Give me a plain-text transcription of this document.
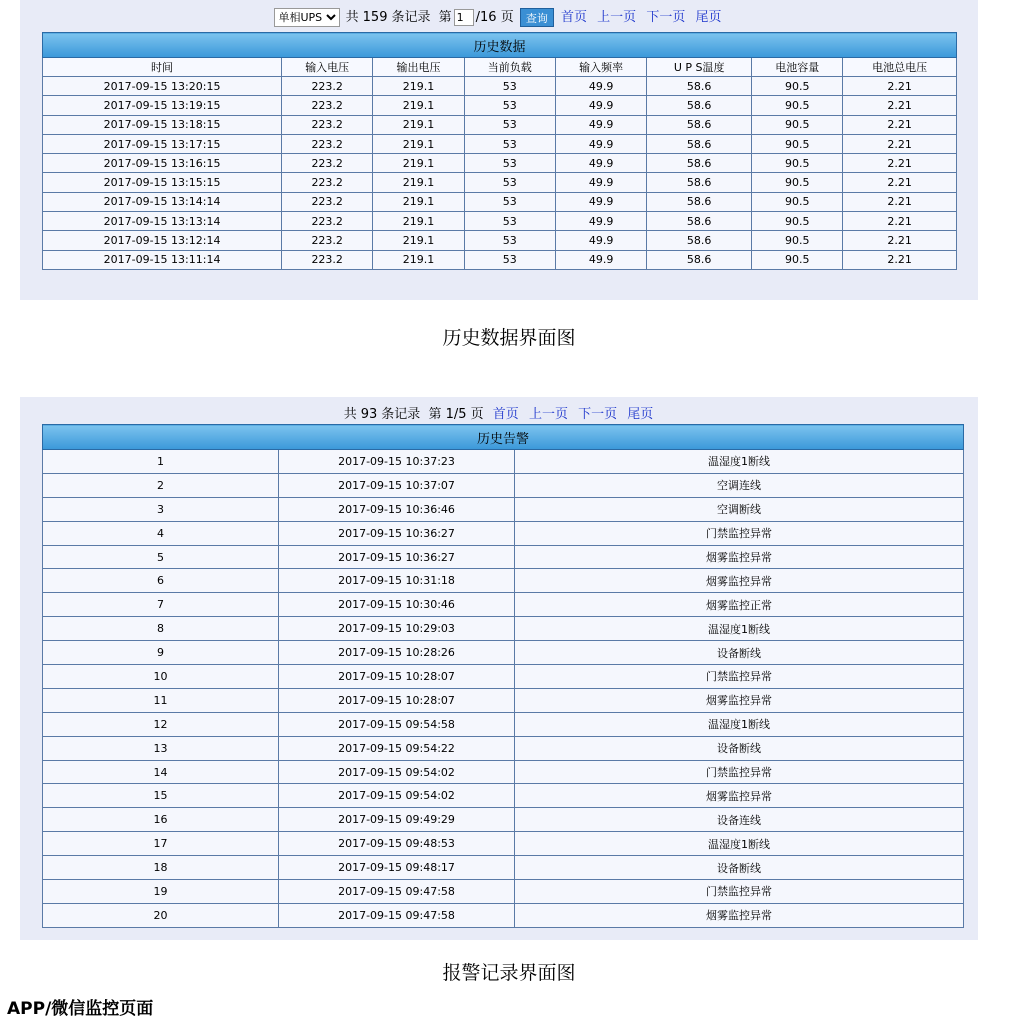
单相UPS 共 159 条记录 第1 /16 页 查询 首页 上一页 下一页 尾页
历史数据							
时间	输入电压	输出电压	当前负载	输入频率	U P S温度	电池容量	电池总电压
2017-09-15 13:20:15	223.2	219.1	53	49.9	58.6	90.5	2.21
2017-09-15 13:19:15	223.2	219.1	53	49.9	58.6	90.5	2.21
2017-09-15 13:18:15	223.2	219.1	53	49.9	58.6	90.5	2.21
2017-09-15 13:17:15	223.2	219.1	53	49.9	58.6	90.5	2.21
2017-09-15 13:16:15	223.2	219.1	53	49.9	58.6	90.5	2.21
2017-09-15 13:15:15	223.2	219.1	53	49.9	58.6	90.5	2.21
2017-09-15 13:14:14	223.2	219.1	53	49.9	58.6	90.5	2.21
2017-09-15 13:13:14	223.2	219.1	53	49.9	58.6	90.5	2.21
2017-09-15 13:12:14	223.2	219.1	53	49.9	58.6	90.5	2.21
2017-09-15 13:11:14	223.2	219.1	53	49.9	58.6	90.5	2.21
历史数据界面图
共 93 条记录 第 1/5 页 首页 上一页 下一页 尾页
历史告警		
1	2017-09-15 10:37:23	温湿度1断线
2	2017-09-15 10:37:07	空调连线
3	2017-09-15 10:36:46	空调断线
4	2017-09-15 10:36:27	门禁监控异常
5	2017-09-15 10:36:27	烟雾监控异常
6	2017-09-15 10:31:18	烟雾监控异常
7	2017-09-15 10:30:46	烟雾监控正常
8	2017-09-15 10:29:03	温湿度1断线
9	2017-09-15 10:28:26	设备断线
10	2017-09-15 10:28:07	门禁监控异常
11	2017-09-15 10:28:07	烟雾监控异常
12	2017-09-15 09:54:58	温湿度1断线
13	2017-09-15 09:54:22	设备断线
14	2017-09-15 09:54:02	门禁监控异常
15	2017-09-15 09:54:02	烟雾监控异常
16	2017-09-15 09:49:29	设备连线
17	2017-09-15 09:48:53	温湿度1断线
18	2017-09-15 09:48:17	设备断线
19	2017-09-15 09:47:58	门禁监控异常
20	2017-09-15 09:47:58	烟雾监控异常
报警记录界面图
APP/微信监控页面
